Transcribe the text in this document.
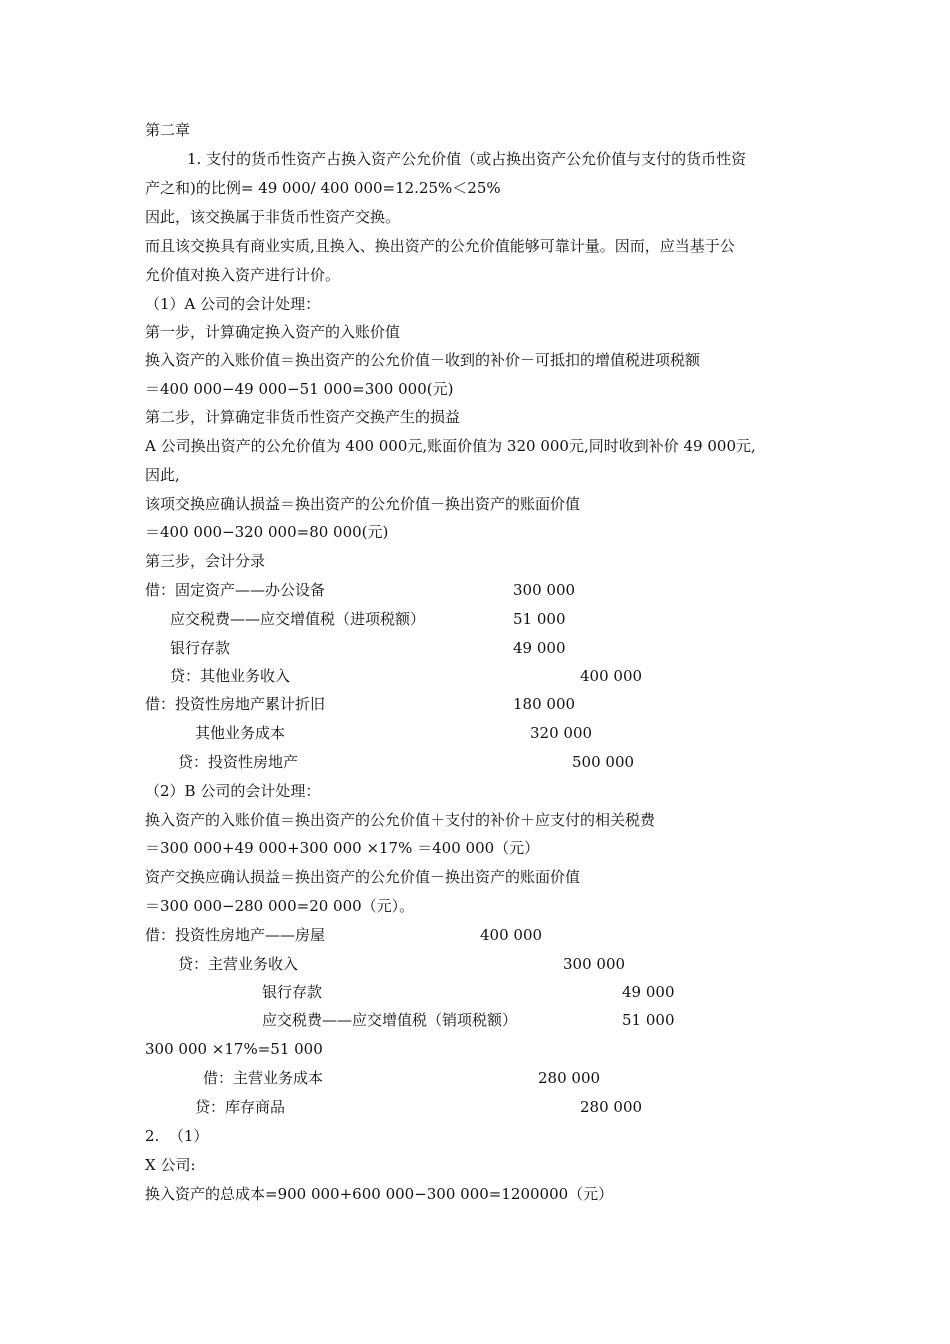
第二章
1. 支付的货币性资产占换入资产公允价值（或占换出资产公允价值与支付的货币性资
产之和)的比例= 49 000/ 400 000=12.25%＜25%
因此，该交换属于非货币性资产交换。
而且该交换具有商业实质,且换入、换出资产的公允价值能够可靠计量。因而，应当基于公
允价值对换入资产进行计价。
（1）A 公司的会计处理：
第一步，计算确定换入资产的入账价值
换入资产的入账价值＝换出资产的公允价值－收到的补价－可抵扣的增值税进项税额
＝400 000−49 000−51 000=300 000(元)
第二步，计算确定非货币性资产交换产生的损益
A 公司换出资产的公允价值为 400 000元,账面价值为 320 000元,同时收到补价 49 000元,
因此,
该项交换应确认损益＝换出资产的公允价值－换出资产的账面价值
＝400 000−320 000=80 000(元)
第三步，会计分录
借：固定资产——办公设备	300 000
应交税费——应交增值税（进项税额）	51 000
银行存款	49 000
贷：其他业务收入	400 000
借：投资性房地产累计折旧	180 000
其他业务成本	320 000
贷：投资性房地产	500 000
（2）B 公司的会计处理：
换入资产的入账价值＝换出资产的公允价值＋支付的补价＋应支付的相关税费
＝300 000+49 000+300 000 ×17% ＝400 000（元）
资产交换应确认损益＝换出资产的公允价值－换出资产的账面价值
＝300 000−280 000=20 000（元）。
借：投资性房地产——房屋	400 000
贷：主营业务收入	300 000
银行存款	49 000
应交税费——应交增值税（销项税额）	51 000
300 000 ×17%=51 000
借：主营业务成本	280 000
贷：库存商品	280 000
2.  （1）
X 公司:
换入资产的总成本=900 000+600 000−300 000=1200000（元）
